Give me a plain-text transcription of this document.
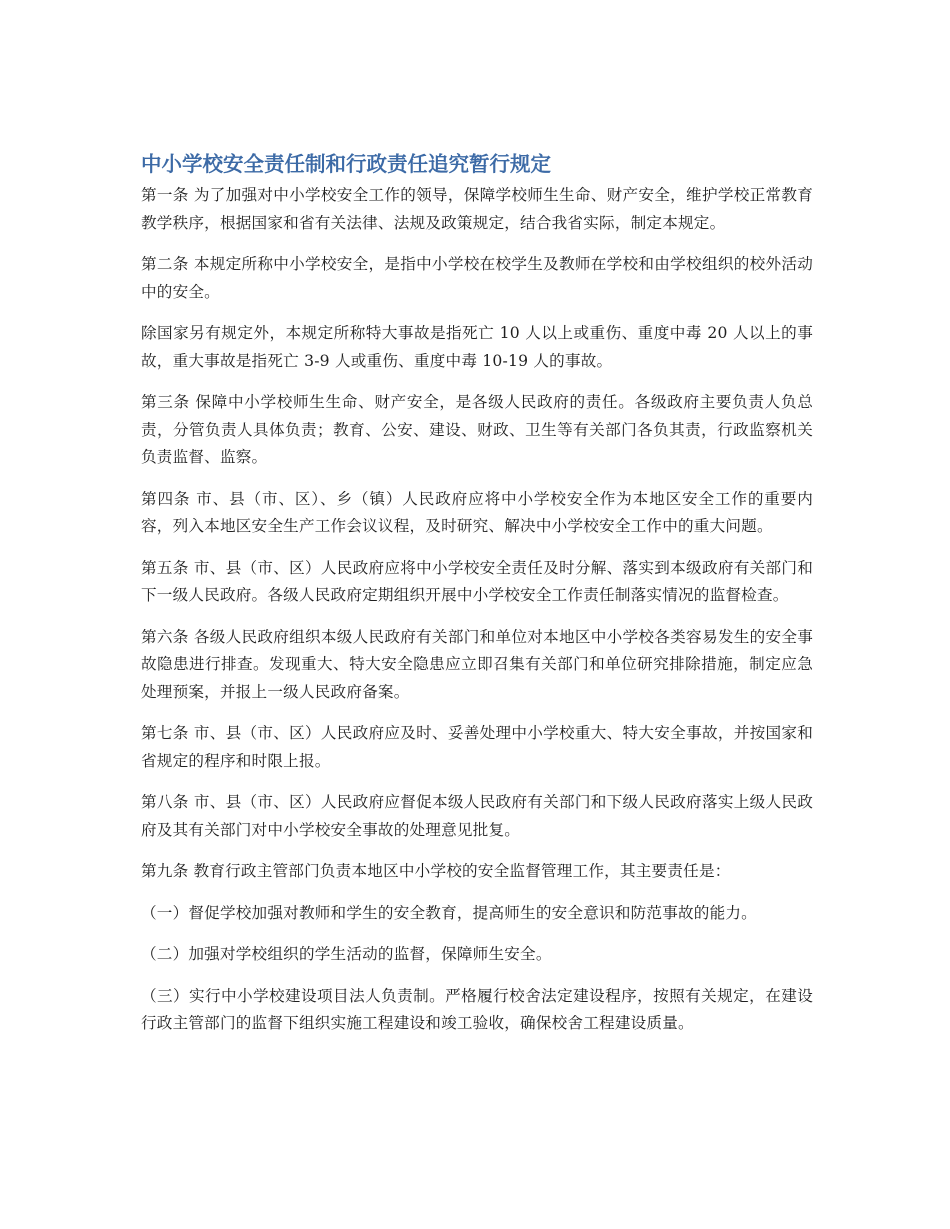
中小学校安全责任制和行政责任追究暂行规定

第一条 为了加强对中小学校安全工作的领导，保障学校师生生命、财产安全，维护学校正常教育教学秩序，根据国家和省有关法律、法规及政策规定，结合我省实际，制定本规定。

第二条 本规定所称中小学校安全，是指中小学校在校学生及教师在学校和由学校组织的校外活动中的安全。

除国家另有规定外，本规定所称特大事故是指死亡 10 人以上或重伤、重度中毒 20 人以上的事故，重大事故是指死亡 3-9 人或重伤、重度中毒 10-19 人的事故。

第三条 保障中小学校师生生命、财产安全，是各级人民政府的责任。各级政府主要负责人负总责，分管负责人具体负责；教育、公安、建设、财政、卫生等有关部门各负其责，行政监察机关负责监督、监察。

第四条 市、县（市、区）、乡（镇）人民政府应将中小学校安全作为本地区安全工作的重要内容，列入本地区安全生产工作会议议程，及时研究、解决中小学校安全工作中的重大问题。

第五条 市、县（市、区）人民政府应将中小学校安全责任及时分解、落实到本级政府有关部门和下一级人民政府。各级人民政府定期组织开展中小学校安全工作责任制落实情况的监督检查。

第六条 各级人民政府组织本级人民政府有关部门和单位对本地区中小学校各类容易发生的安全事故隐患进行排查。发现重大、特大安全隐患应立即召集有关部门和单位研究排除措施，制定应急处理预案，并报上一级人民政府备案。

第七条 市、县（市、区）人民政府应及时、妥善处理中小学校重大、特大安全事故，并按国家和省规定的程序和时限上报。

第八条 市、县（市、区）人民政府应督促本级人民政府有关部门和下级人民政府落实上级人民政府及其有关部门对中小学校安全事故的处理意见批复。

第九条 教育行政主管部门负责本地区中小学校的安全监督管理工作，其主要责任是：

（一）督促学校加强对教师和学生的安全教育，提高师生的安全意识和防范事故的能力。

（二）加强对学校组织的学生活动的监督，保障师生安全。

（三）实行中小学校建设项目法人负责制。严格履行校舍法定建设程序，按照有关规定，在建设行政主管部门的监督下组织实施工程建设和竣工验收，确保校舍工程建设质量。
